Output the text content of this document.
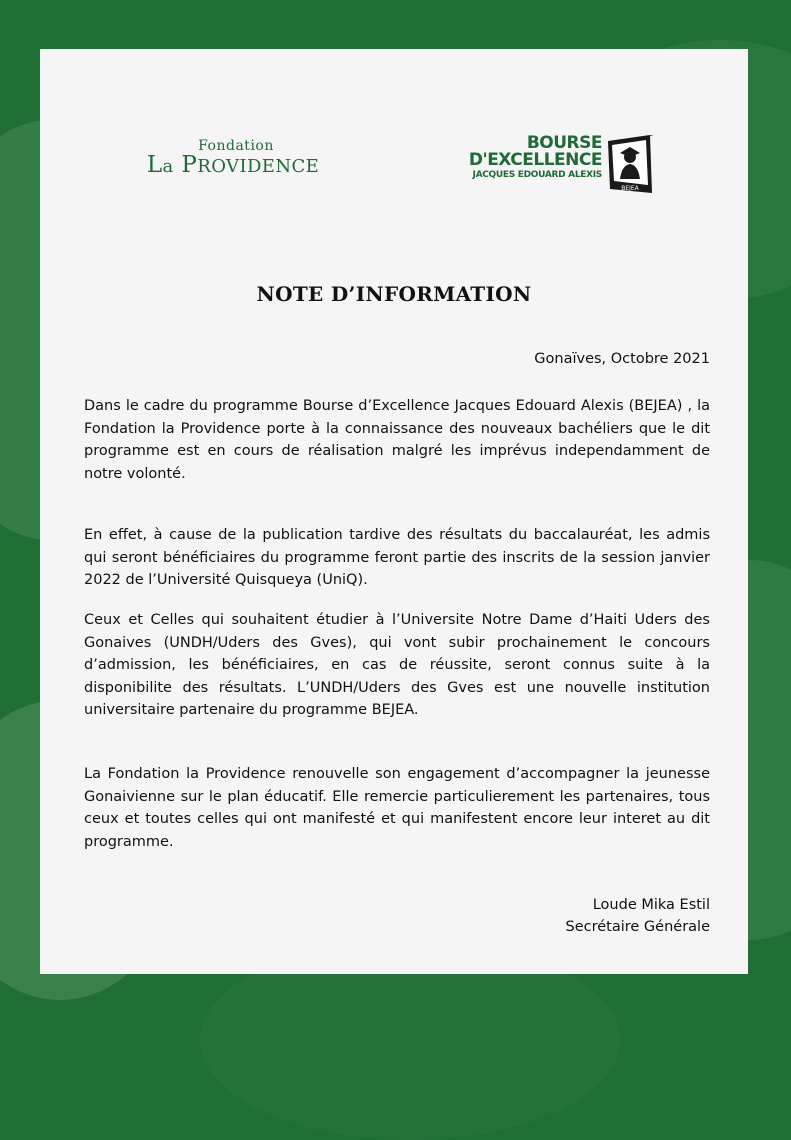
Fondation
La PROVIDENCE
BOURSE
D'EXCELLENCE
JACQUES EDOUARD ALEXIS
BEJEA
NOTE D’INFORMATION
Gonaïves, Octobre 2021

Dans le cadre du programme Bourse d’Excellence Jacques Edouard Alexis (BEJEA) , la Fondation la Providence porte à la connaissance des nouveaux bachéliers que le dit programme est en cours de réalisation malgré les imprévus independamment de notre volonté.

En effet, à cause de la publication tardive des résultats du baccalauréat, les admis qui seront bénéficiaires du programme feront partie des inscrits de la session janvier 2022 de l’Université Quisqueya (UniQ).

Ceux et Celles qui souhaitent étudier à l’Universite Notre Dame d’Haiti Uders des Gonaives (UNDH/Uders des Gves), qui vont subir prochainement le concours d’admission, les bénéficiaires, en cas de réussite, seront connus suite à la disponibilite des résultats. L’UNDH/Uders des Gves est une nouvelle institution universitaire partenaire du programme BEJEA.

La Fondation la Providence renouvelle son engagement d’accompagner la jeunesse Gonaivienne sur le plan éducatif. Elle remercie particulierement les partenaires, tous ceux et toutes celles qui ont manifesté et qui manifestent encore leur interet au dit programme.

Loude Mika Estil
Secrétaire Générale
